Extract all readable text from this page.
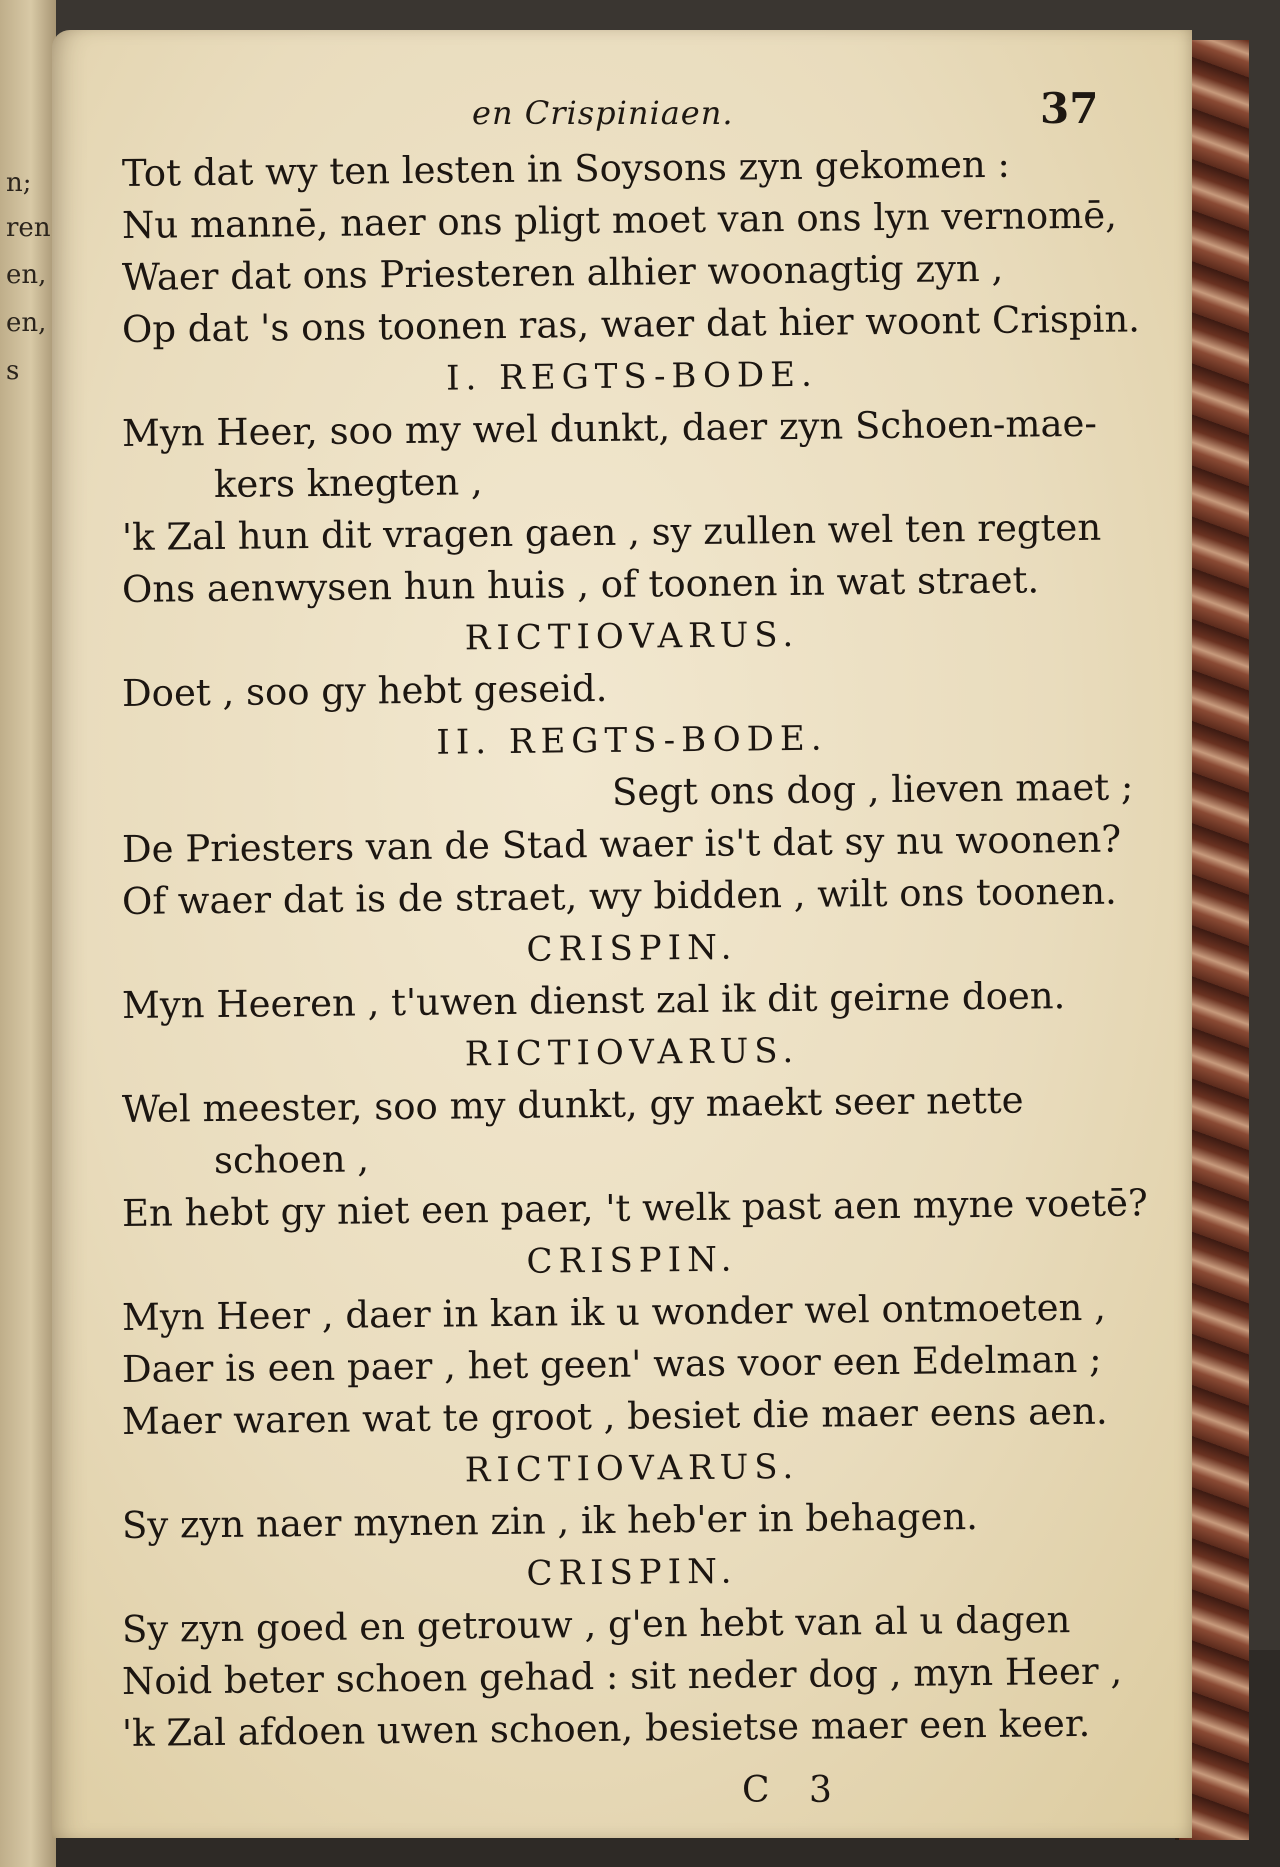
n;
ren
en,
en,
s
en Crispiniaen.	37
Tot dat wy ten lesten in Soysons zyn gekomen :
Nu mannē, naer ons pligt moet van ons lyn vernomē,
Waer dat ons Priesteren alhier woonagtig zyn ,
Op dat 's ons toonen ras, waer dat hier woont Crispin.
I. REGTS-BODE.
Myn Heer, soo my wel dunkt, daer zyn Schoen-mae-
kers knegten ,
'k Zal hun dit vragen gaen , sy zullen wel ten regten
Ons aenwysen hun huis , of toonen in wat straet.
RICTIOVARUS.
Doet , soo gy hebt geseid.
II. REGTS-BODE.
Segt ons dog , lieven maet ;
De Priesters van de Stad waer is't dat sy nu woonen?
Of waer dat is de straet, wy bidden , wilt ons toonen.
CRISPIN.
Myn Heeren , t'uwen dienst zal ik dit geirne doen.
RICTIOVARUS.
Wel meester, soo my dunkt, gy maekt seer nette
schoen ,
En hebt gy niet een paer, 't welk past aen myne voetē?
CRISPIN.
Myn Heer , daer in kan ik u wonder wel ontmoeten ,
Daer is een paer , het geen' was voor een Edelman ;
Maer waren wat te groot , besiet die maer eens aen.
RICTIOVARUS.
Sy zyn naer mynen zin , ik heb'er in behagen.
CRISPIN.
Sy zyn goed en getrouw , g'en hebt van al u dagen
Noid beter schoen gehad : sit neder dog , myn Heer ,
'k Zal afdoen uwen schoen, besietse maer een keer.
C 3
